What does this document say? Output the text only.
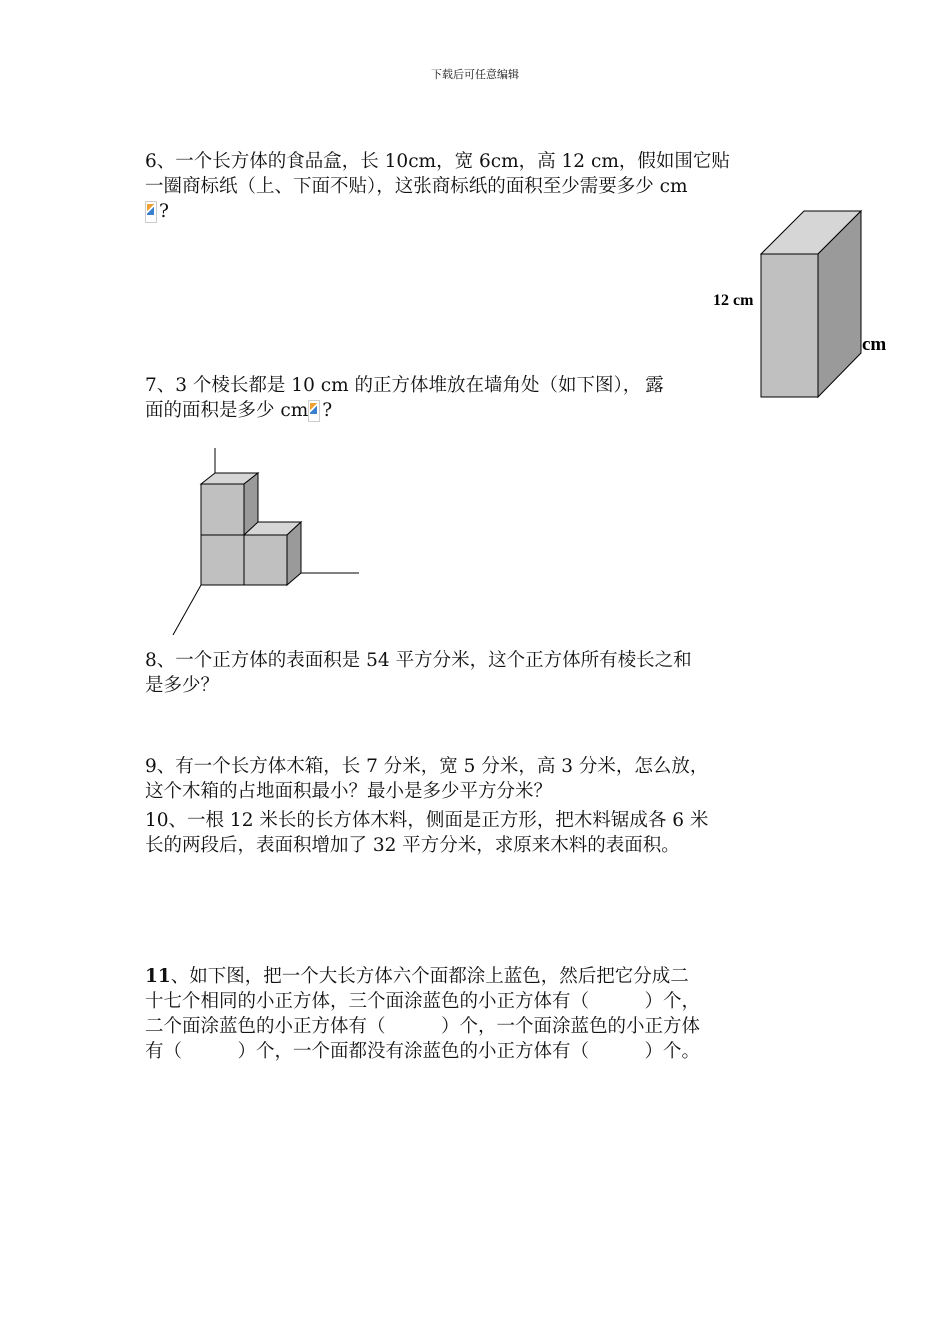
下载后可任意编辑

6、一个长方体的食品盒，长 10cm，宽 6cm，高 12 cm，假如围它贴

一圈商标纸（上、下面不贴），这张商标纸的面积至少需要多少 cm

?

12 cm
cm

7、3 个棱长都是 10 cm 的正方体堆放在墙角处（如下图）， 露

面的面积是多少 cm ?

8、一个正方体的表面积是 54 平方分米，这个正方体所有棱长之和

是多少？

9、有一个长方体木箱，长 7 分米，宽 5 分米，高 3 分米，怎么放，

这个木箱的占地面积最小？最小是多少平方分米？

10、一根 12 米长的长方体木料，侧面是正方形，把木料锯成各 6 米

长的两段后，表面积增加了 32 平方分米，求原来木料的表面积。

11、如下图，把一个大长方体六个面都涂上蓝色，然后把它分成二

十七个相同的小正方体，三个面涂蓝色的小正方体有（　　　）个，

二个面涂蓝色的小正方体有（　　　）个，一个面涂蓝色的小正方体

有（　　　）个，一个面都没有涂蓝色的小正方体有（　　　）个。
